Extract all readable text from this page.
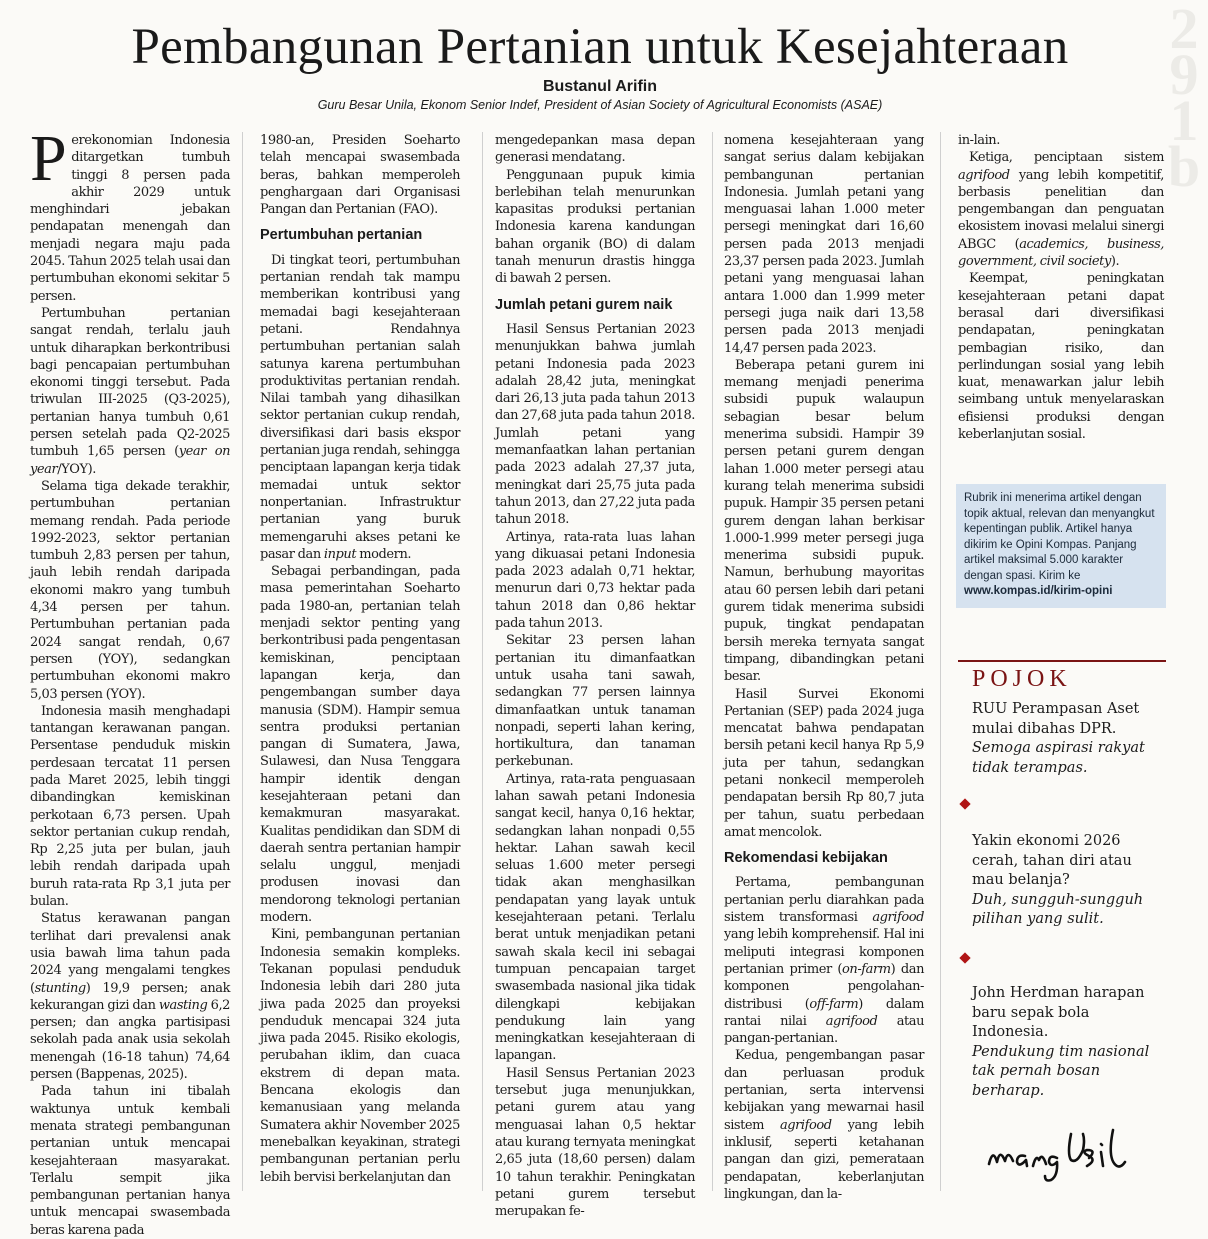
291b
Pembangunan Pertanian untuk Kesejahteraan
Bustanul Arifin
Guru Besar Unila, Ekonom Senior Indef, President of Asian Society of Agricultural Economists (ASAE)

Perekonomian Indonesia ditargetkan tumbuh tinggi 8 persen pada akhir 2029 untuk menghindari jebakan pendapatan menengah dan menjadi negara maju pada 2045. Tahun 2025 telah usai dan pertumbuhan ekonomi sekitar 5 persen.

Pertumbuhan pertanian sangat rendah, terlalu jauh untuk diharapkan berkontribusi bagi pencapaian pertumbuhan ekonomi tinggi tersebut. Pada triwulan III-2025 (Q3-2025), pertanian hanya tumbuh 0,61 persen setelah pada Q2-2025 tumbuh 1,65 persen (year on year/YOY).

Selama tiga dekade terakhir, pertumbuhan pertanian memang rendah. Pada periode 1992-2023, sektor pertanian tumbuh 2,83 persen per tahun, jauh lebih rendah daripada ekonomi makro yang tumbuh 4,34 persen per tahun. Pertumbuhan pertanian pada 2024 sangat rendah, 0,67 persen (YOY), sedangkan pertumbuhan ekonomi makro 5,03 persen (YOY).

Indonesia masih menghadapi tantangan kerawanan pangan. Persentase penduduk miskin perdesaan tercatat 11 persen pada Maret 2025, lebih tinggi dibandingkan kemiskinan perkotaan 6,73 persen. Upah sektor pertanian cukup rendah, Rp 2,25 juta per bulan, jauh lebih rendah daripada upah buruh rata-rata Rp 3,1 juta per bulan.

Status kerawanan pangan terlihat dari prevalensi anak usia bawah lima tahun pada 2024 yang mengalami tengkes (stunting) 19,9 persen; anak kekurangan gizi dan wasting 6,2 persen; dan angka partisipasi sekolah pada anak usia sekolah menengah (16-18 tahun) 74,64 persen (Bappenas, 2025).

Pada tahun ini tibalah waktunya untuk kembali menata strategi pembangunan pertanian untuk mencapai kesejahteraan masyarakat. Terlalu sempit jika pembangunan pertanian hanya untuk mencapai swasembada beras karena pada

1980-an, Presiden Soeharto telah mencapai swasembada beras, bahkan memperoleh penghargaan dari Organisasi Pangan dan Pertanian (FAO).

Pertumbuhan pertanian

Di tingkat teori, pertumbuhan pertanian rendah tak mampu memberikan kontribusi yang memadai bagi kesejahteraan petani. Rendahnya pertumbuhan pertanian salah satunya karena pertumbuhan produktivitas pertanian rendah. Nilai tambah yang dihasilkan sektor pertanian cukup rendah, diversifikasi dari basis ekspor pertanian juga rendah, sehingga penciptaan lapangan kerja tidak memadai untuk sektor nonpertanian. Infrastruktur pertanian yang buruk memengaruhi akses petani ke pasar dan input modern.

Sebagai perbandingan, pada masa pemerintahan Soeharto pada 1980-an, pertanian telah menjadi sektor penting yang berkontribusi pada pengentasan kemiskinan, penciptaan lapangan kerja, dan pengembangan sumber daya manusia (SDM). Hampir semua sentra produksi pertanian pangan di Sumatera, Jawa, Sulawesi, dan Nusa Tenggara hampir identik dengan kesejahteraan petani dan kemakmuran masyarakat. Kualitas pendidikan dan SDM di daerah sentra pertanian hampir selalu unggul, menjadi produsen inovasi dan mendorong teknologi pertanian modern.

Kini, pembangunan pertanian Indonesia semakin kompleks. Tekanan populasi penduduk Indonesia lebih dari 280 juta jiwa pada 2025 dan proyeksi penduduk mencapai 324 juta jiwa pada 2045. Risiko ekologis, perubahan iklim, dan cuaca ekstrem di depan mata. Bencana ekologis dan kemanusiaan yang melanda Sumatera akhir November 2025 menebalkan keyakinan, strategi pembangunan pertanian perlu lebih bervisi berkelanjutan dan

mengedepankan masa depan generasi mendatang.

Penggunaan pupuk kimia berlebihan telah menurunkan kapasitas produksi pertanian Indonesia karena kandungan bahan organik (BO) di dalam tanah menurun drastis hingga di bawah 2 persen.

Jumlah petani gurem naik

Hasil Sensus Pertanian 2023 menunjukkan bahwa jumlah petani Indonesia pada 2023 adalah 28,42 juta, meningkat dari 26,13 juta pada tahun 2013 dan 27,68 juta pada tahun 2018. Jumlah petani yang memanfaatkan lahan pertanian pada 2023 adalah 27,37 juta, meningkat dari 25,75 juta pada tahun 2013, dan 27,22 juta pada tahun 2018.

Artinya, rata-rata luas lahan yang dikuasai petani Indonesia pada 2023 adalah 0,71 hektar, menurun dari 0,73 hektar pada tahun 2018 dan 0,86 hektar pada tahun 2013.

Sekitar 23 persen lahan pertanian itu dimanfaatkan untuk usaha tani sawah, sedangkan 77 persen lainnya dimanfaatkan untuk tanaman nonpadi, seperti lahan kering, hortikultura, dan tanaman perkebunan.

Artinya, rata-rata penguasaan lahan sawah petani Indonesia sangat kecil, hanya 0,16 hektar, sedangkan lahan nonpadi 0,55 hektar. Lahan sawah kecil seluas 1.600 meter persegi tidak akan menghasilkan pendapatan yang layak untuk kesejahteraan petani. Terlalu berat untuk menjadikan petani sawah skala kecil ini sebagai tumpuan pencapaian target swasembada nasional jika tidak dilengkapi kebijakan pendukung lain yang meningkatkan kesejahteraan di lapangan.

Hasil Sensus Pertanian 2023 tersebut juga menunjukkan, petani gurem atau yang menguasai lahan 0,5 hektar atau kurang ternyata meningkat 2,65 juta (18,60 persen) dalam 10 tahun terakhir. Peningkatan petani gurem tersebut merupakan fe-

nomena kesejahteraan yang sangat serius dalam kebijakan pembangunan pertanian Indonesia. Jumlah petani yang menguasai lahan 1.000 meter persegi meningkat dari 16,60 persen pada 2013 menjadi 23,37 persen pada 2023. Jumlah petani yang menguasai lahan antara 1.000 dan 1.999 meter persegi juga naik dari 13,58 persen pada 2013 menjadi 14,47 persen pada 2023.

Beberapa petani gurem ini memang menjadi penerima subsidi pupuk walaupun sebagian besar belum menerima subsidi. Hampir 39 persen petani gurem dengan lahan 1.000 meter persegi atau kurang telah menerima subsidi pupuk. Hampir 35 persen petani gurem dengan lahan berkisar 1.000-1.999 meter persegi juga menerima subsidi pupuk. Namun, berhubung mayoritas atau 60 persen lebih dari petani gurem tidak menerima subsidi pupuk, tingkat pendapatan bersih mereka ternyata sangat timpang, dibandingkan petani besar.

Hasil Survei Ekonomi Pertanian (SEP) pada 2024 juga mencatat bahwa pendapatan bersih petani kecil hanya Rp 5,9 juta per tahun, sedangkan petani nonkecil memperoleh pendapatan bersih Rp 80,7 juta per tahun, suatu perbedaan amat mencolok.

Rekomendasi kebijakan

Pertama, pembangunan pertanian perlu diarahkan pada sistem transformasi agrifood yang lebih komprehensif. Hal ini meliputi integrasi komponen pertanian primer (on-farm) dan komponen pengolahan-distribusi (off-farm) dalam rantai nilai agrifood atau pangan-pertanian.

Kedua, pengembangan pasar dan perluasan produk pertanian, serta intervensi kebijakan yang mewarnai hasil sistem agrifood yang lebih inklusif, seperti ketahanan pangan dan gizi, pemerataan pendapatan, keberlanjutan lingkungan, dan la-

in-lain.

Ketiga, penciptaan sistem agrifood yang lebih kompetitif, berbasis penelitian dan pengembangan dan penguatan ekosistem inovasi melalui sinergi ABGC (academics, business, government, civil society).

Keempat, peningkatan kesejahteraan petani dapat berasal dari diversifikasi pendapatan, peningkatan pembagian risiko, dan perlindungan sosial yang lebih kuat, menawarkan jalur lebih seimbang untuk menyelaraskan efisiensi produksi dengan keberlanjutan sosial.

Rubrik ini menerima artikel dengan topik aktual, relevan dan menyangkut kepentingan publik. Artikel hanya dikirim ke Opini Kompas. Panjang artikel maksimal 5.000 karakter dengan spasi. Kirim ke
www.kompas.id/kirim-opini
POJOK
RUU Perampasan Aset mulai dibahas DPR.
Semoga aspirasi rakyat tidak terampas.
Yakin ekonomi 2026 cerah, tahan diri atau mau belanja?
Duh, sungguh-sungguh pilihan yang sulit.
John Herdman harapan baru sepak bola Indonesia.
Pendukung tim nasional tak pernah bosan berharap.
